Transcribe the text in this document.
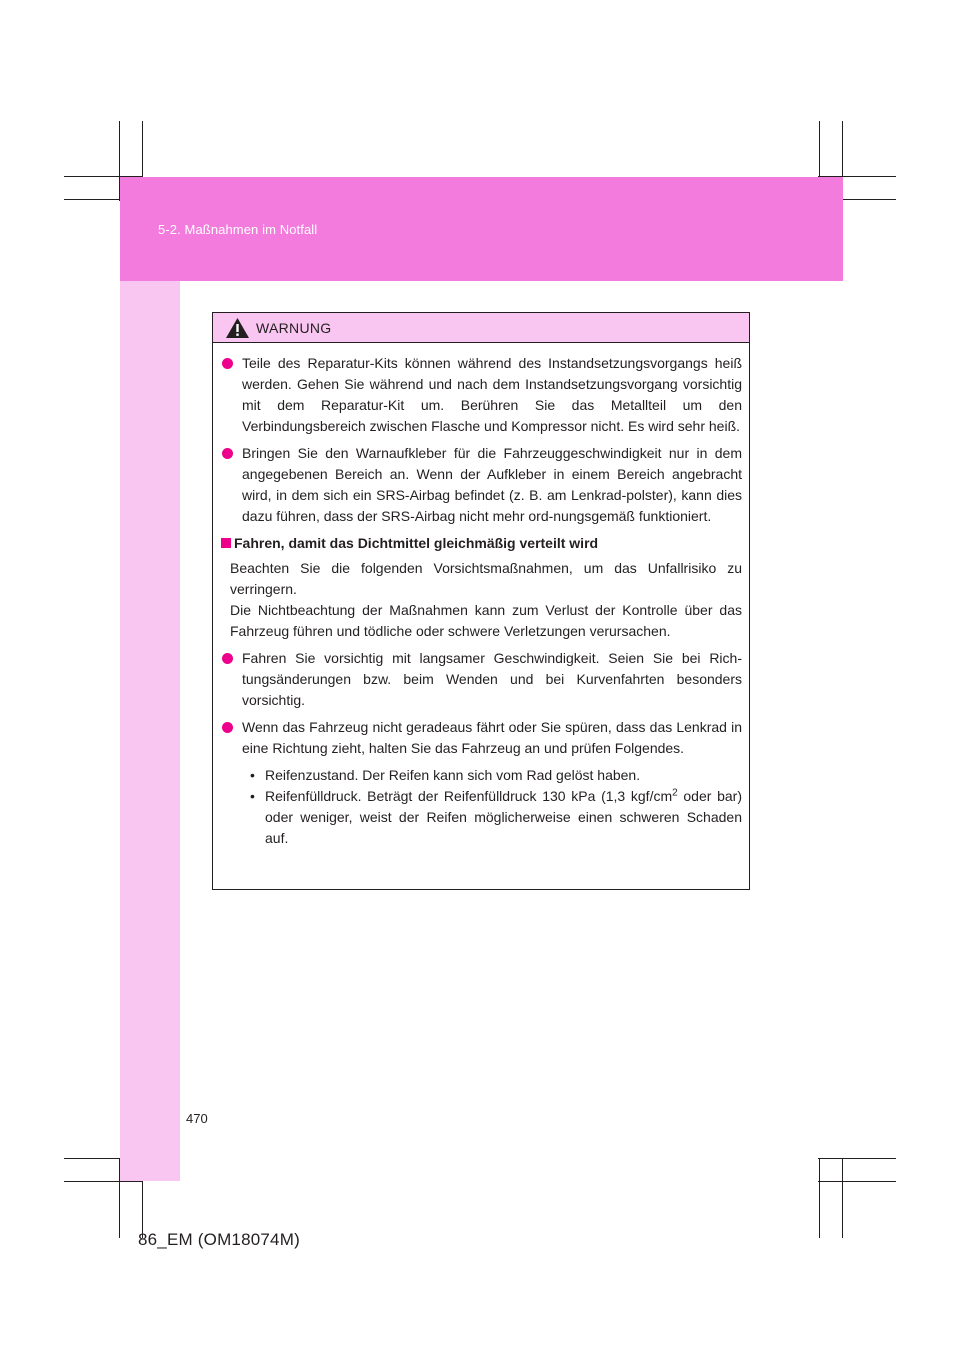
5-2. Maßnahmen im Notfall
WARNUNG
Teile des Reparatur-Kits können während des Instandsetzungsvorgangs heiß werden. Gehen Sie während und nach dem Instandsetzungsvorgang vorsichtig mit dem Reparatur-Kit um. Berühren Sie das Metallteil um den Verbindungsbereich zwischen Flasche und Kompressor nicht. Es wird sehr heiß.
Bringen Sie den Warnaufkleber für die Fahrzeuggeschwindigkeit nur in dem angegebenen Bereich an. Wenn der Aufkleber in einem Bereich angebracht wird, in dem sich ein SRS-Airbag befindet (z. B. am Lenkrad-polster), kann dies dazu führen, dass der SRS-Airbag nicht mehr ord-nungsgemäß funktioniert.
Fahren, damit das Dichtmittel gleichmäßig verteilt wird
Beachten Sie die folgenden Vorsichtsmaßnahmen, um das Unfallrisiko zu verringern.
Die Nichtbeachtung der Maßnahmen kann zum Verlust der Kontrolle über das Fahrzeug führen und tödliche oder schwere Verletzungen verursachen.
Fahren Sie vorsichtig mit langsamer Geschwindigkeit. Seien Sie bei Rich-tungsänderungen bzw. beim Wenden und bei Kurvenfahrten besonders vorsichtig.
Wenn das Fahrzeug nicht geradeaus fährt oder Sie spüren, dass das Lenkrad in eine Richtung zieht, halten Sie das Fahrzeug an und prüfen Folgendes.
• Reifenzustand. Der Reifen kann sich vom Rad gelöst haben.
• Reifenfülldruck. Beträgt der Reifenfülldruck 130 kPa (1,3 kgf/$cm^2$ oder bar) oder weniger, weist der Reifen möglicherweise einen schweren Schaden auf.
470
86_EM (OM18074M)
